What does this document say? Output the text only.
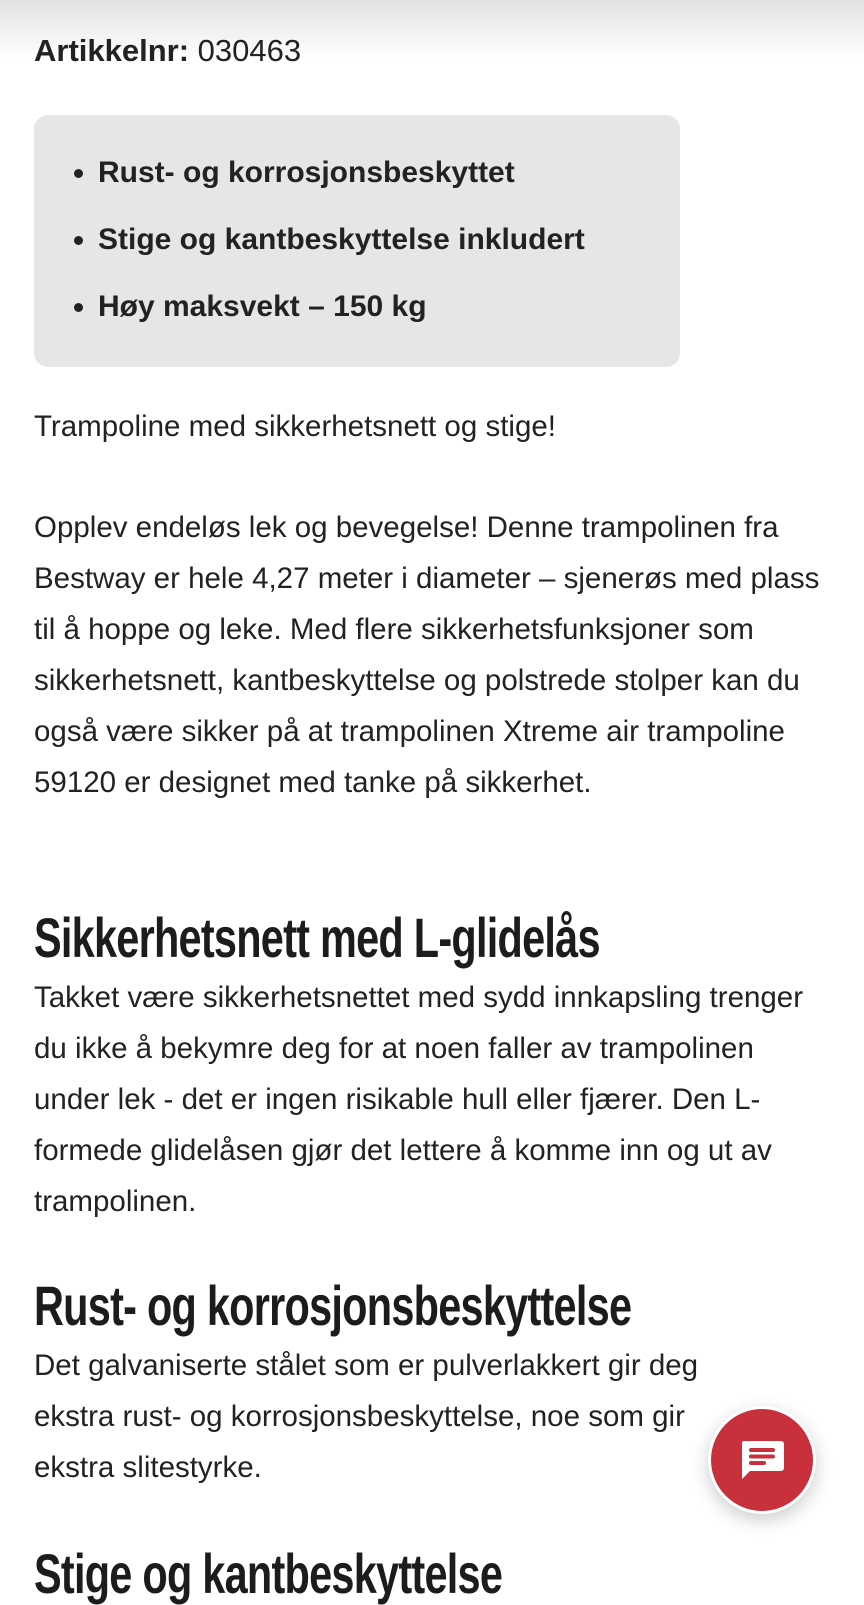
Artikkelnr: 030463
• Rust- og korrosjonsbeskyttet
• Stige og kantbeskyttelse inkludert
• Høy maksvekt – 150 kg

Trampoline med sikkerhetsnett og stige!

Opplev endeløs lek og bevegelse! Denne trampolinen fra Bestway er hele 4,27 meter i diameter – sjenerøs med plass til å hoppe og leke. Med flere sikkerhetsfunksjoner som sikkerhetsnett, kantbeskyttelse og polstrede stolper kan du også være sikker på at trampolinen Xtreme air trampoline 59120 er designet med tanke på sikkerhet.

Sikkerhetsnett med L-glidelås

Takket være sikkerhetsnettet med sydd innkapsling trenger du ikke å bekymre deg for at noen faller av trampolinen under lek - det er ingen risikable hull eller fjærer. Den L-formede glidelåsen gjør det lettere å komme inn og ut av trampolinen.

Rust- og korrosjonsbeskyttelse

Det galvaniserte stålet som er pulverlakkert gir deg ekstra rust- og korrosjonsbeskyttelse, noe som gir ekstra slitestyrke.

Stige og kantbeskyttelse
